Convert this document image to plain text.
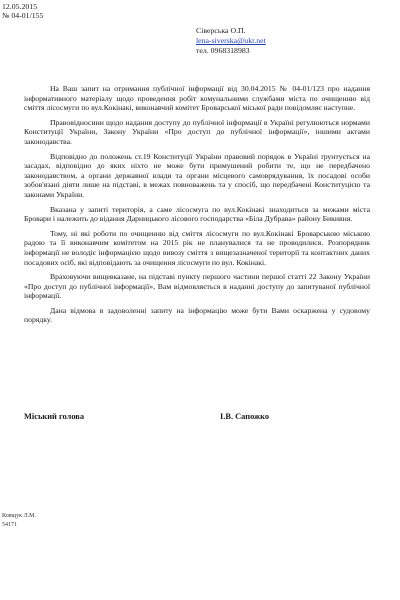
12.05.2015
№ 04-01/155
Сіверська О.П.
lena-siverska@ukr.net
тел. 0968318983

На Ваш запит на отримання публічної інформації від 30.04.2015 № 04-01/123 про надання інформативного матеріалу щодо проведення робіт комунальними службами міста по очищенню від сміття лісосмуги по вул.Кокінакі, виконавчий комітет Броварської міської ради повідомляє наступне.

Правовідносини щодо надання доступу до публічної інформації в Україні регулюються нормами Конституції України, Закону України «Про доступ до публічної інформації», іншими актами законодавства.

Відповідно до положень ст.19 Конституції України правовий порядок в Україні ґрунтується на засадах, відповідно до яких ніхто не може бути примушений робити те, що не передбачено законодавством, а органи державної влади та органи місцевого самоврядування, їх посадові особи зобов'язані діяти лише на підставі, в межах повноважень та у спосіб, що передбачені Конституцією та законами України.

Вказана у запиті територія, а саме лісосмуга по вул.Кокінакі знаходиться за межами міста Бровари і належить до відання Дарницького лісового господарства «Біла Дубрава» району Бикивня.

Тому, ні які роботи по очищенню від сміття лісосмуги по вул.Кокінакі Броварською міською радою та її виконавчим комітетом на 2015 рік не планувалися та не проводилися. Розпорядник інформації не володіє інформацією щодо вивозу сміття з вищезазначеної території та контактних даних посадових осіб, які відповідають за очищення лісосмуги по вул. Кокінакі.

Враховуючи вищевказане, на підставі пункту першого частини першої статті 22 Закону України «Про доступ до публічної інформації», Вам відмовляється в наданні доступу до запитуваної публічної інформації.

Дана відмова в задоволенні запиту на інформацію може бути Вами оскаржена у судовому порядку.

Міський голова	І.В. Сапожко
Ковщук Л.М.
54171
